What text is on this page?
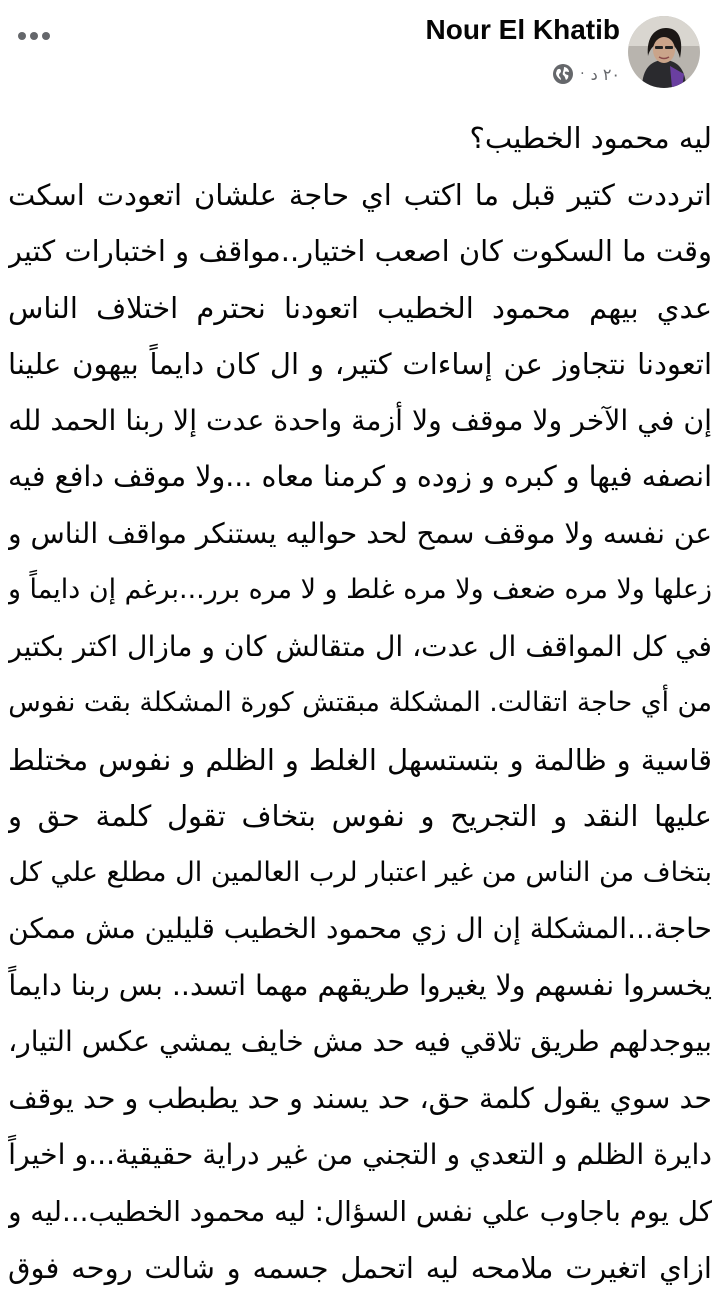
Nour El Khatib
٢٠ د
·
ليه محمود الخطيب؟
اترددت كتير قبل ما اكتب اي حاجة علشان اتعودت اسكت
وقت ما السكوت كان اصعب اختيار..مواقف و اختبارات كتير
عدي بيهم محمود الخطيب اتعودنا نحترم اختلاف الناس
اتعودنا نتجاوز عن إساءات كتير، و ال كان دايماً بيهون علينا
إن في الآخر ولا موقف ولا أزمة واحدة عدت إلا ربنا الحمد لله
انصفه فيها و كبره و زوده و كرمنا معاه ...ولا موقف دافع فيه
عن نفسه ولا موقف سمح لحد حواليه يستنكر مواقف الناس و
زعلها ولا مره ضعف ولا مره غلط و لا مره برر...برغم إن دايماً و
في كل المواقف ال عدت، ال متقالش كان و مازال اكتر بكتير
من أي حاجة اتقالت. المشكلة مبقتش كورة المشكلة بقت نفوس
قاسية و ظالمة و بتستسهل الغلط و الظلم و نفوس مختلط
عليها النقد و التجريح و نفوس بتخاف تقول كلمة حق و
بتخاف من الناس من غير اعتبار لرب العالمين ال مطلع علي كل
حاجة...المشكلة إن ال زي محمود الخطيب قليلين مش ممكن
يخسروا نفسهم ولا يغيروا طريقهم مهما اتسد.. بس ربنا دايماً
بيوجدلهم طريق تلاقي فيه حد مش خايف يمشي عكس التيار،
حد سوي يقول كلمة حق، حد يسند و حد يطبطب و حد يوقف
دايرة الظلم و التعدي و التجني من غير دراية حقيقية...و اخيراً
كل يوم باجاوب علي نفس السؤال: ليه محمود الخطيب...ليه و
ازاي اتغيرت ملامحه ليه اتحمل جسمه و شالت روحه فوق
